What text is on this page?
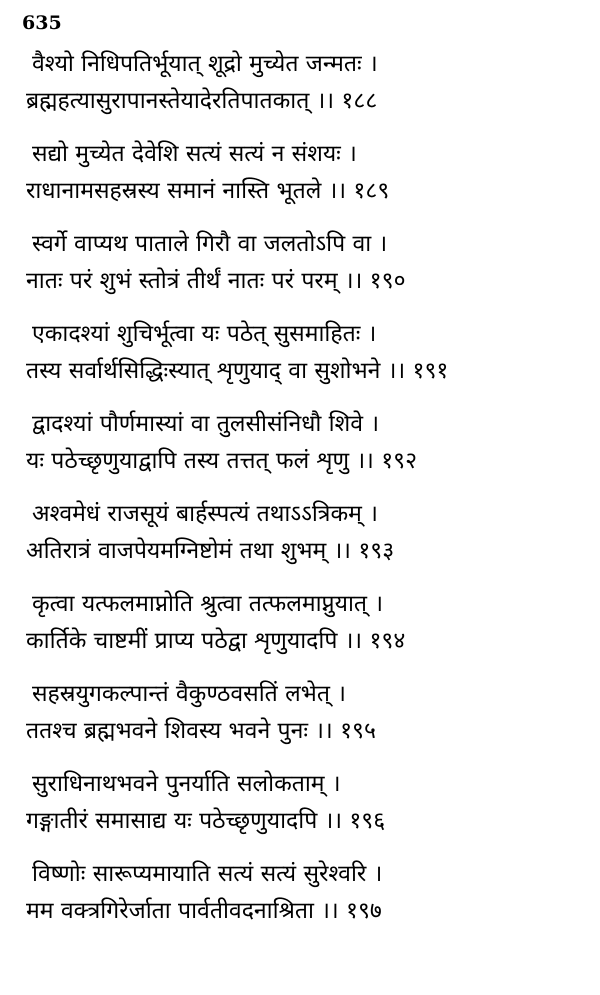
635
वैश्यो निधिपतिर्भूयात् शूद्रो मुच्येत जन्मतः ।
ब्रह्महत्यासुरापानस्तेयादेरतिपातकात् ।। १८८
सद्यो मुच्येत देवेशि सत्यं सत्यं न संशयः ।
राधानामसहस्रस्य समानं नास्ति भूतले ।। १८९
स्वर्गे वाप्यथ पाताले गिरौ वा जलतोऽपि वा ।
नातः परं शुभं स्तोत्रं तीर्थं नातः परं परम् ।। १९०
एकादश्यां शुचिर्भूत्वा यः पठेत् सुसमाहितः ।
तस्य सर्वार्थसिद्धिःस्यात् शृणुयाद् वा सुशोभने ।। १९१
द्वादश्यां पौर्णमास्यां वा तुलसीसंनिधौ शिवे ।
यः पठेच्छृणुयाद्वापि तस्य तत्तत् फलं शृणु ।। १९२
अश्वमेधं राजसूयं बार्हस्पत्यं तथाऽऽत्रिकम् ।
अतिरात्रं वाजपेयमग्निष्टोमं तथा शुभम् ।। १९३
कृत्वा यत्फलमाप्नोति श्रुत्वा तत्फलमाप्नुयात् ।
कार्तिके चाष्टमीं प्राप्य पठेद्वा शृणुयादपि ।। १९४
सहस्रयुगकल्पान्तं वैकुण्ठवसतिं लभेत् ।
ततश्च ब्रह्मभवने शिवस्य भवने पुनः ।। १९५
सुराधिनाथभवने पुनर्याति सलोकताम् ।
गङ्गातीरं समासाद्य यः पठेच्छृणुयादपि ।। १९६
विष्णोः सारूप्यमायाति सत्यं सत्यं सुरेश्वरि ।
मम वक्त्रगिरेर्जाता पार्वतीवदनाश्रिता ।। १९७
